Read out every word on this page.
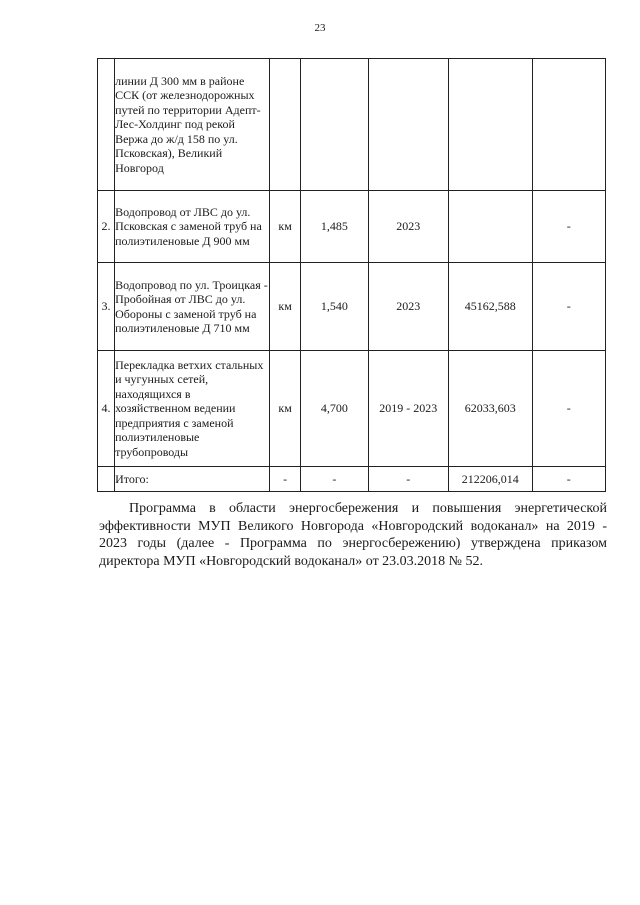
23
	линии Д 300 мм в районе ССК (от железнодорожных путей по территории Адепт-Лес-Холдинг под рекой Вержа до ж/д 158 по ул. Псковская), Великий Новгород					
2.	Водопровод от ЛВС до ул. Псковская с заменой труб на полиэтиленовые Д 900 мм	км	1,485	2023		-
3.	Водопровод по ул. Троицкая - Пробойная от ЛВС до ул. Обороны с заменой труб на полиэтиленовые Д 710 мм	км	1,540	2023	45162,588	-
4.	Перекладка ветхих стальных и чугунных сетей, находящихся в хозяйственном ведении предприятия с заменой полиэтиленовые трубопроводы	км	4,700	2019 - 2023	62033,603	-
	Итого:	-	-	-	212206,014	-

Программа в области энергосбережения и повышения энергетической эффективности МУП Великого Новгорода «Новгородский водоканал» на 2019 - 2023 годы (далее - Программа по энергосбережению) утверждена приказом директора МУП «Новгородский водоканал» от 23.03.2018 № 52.
